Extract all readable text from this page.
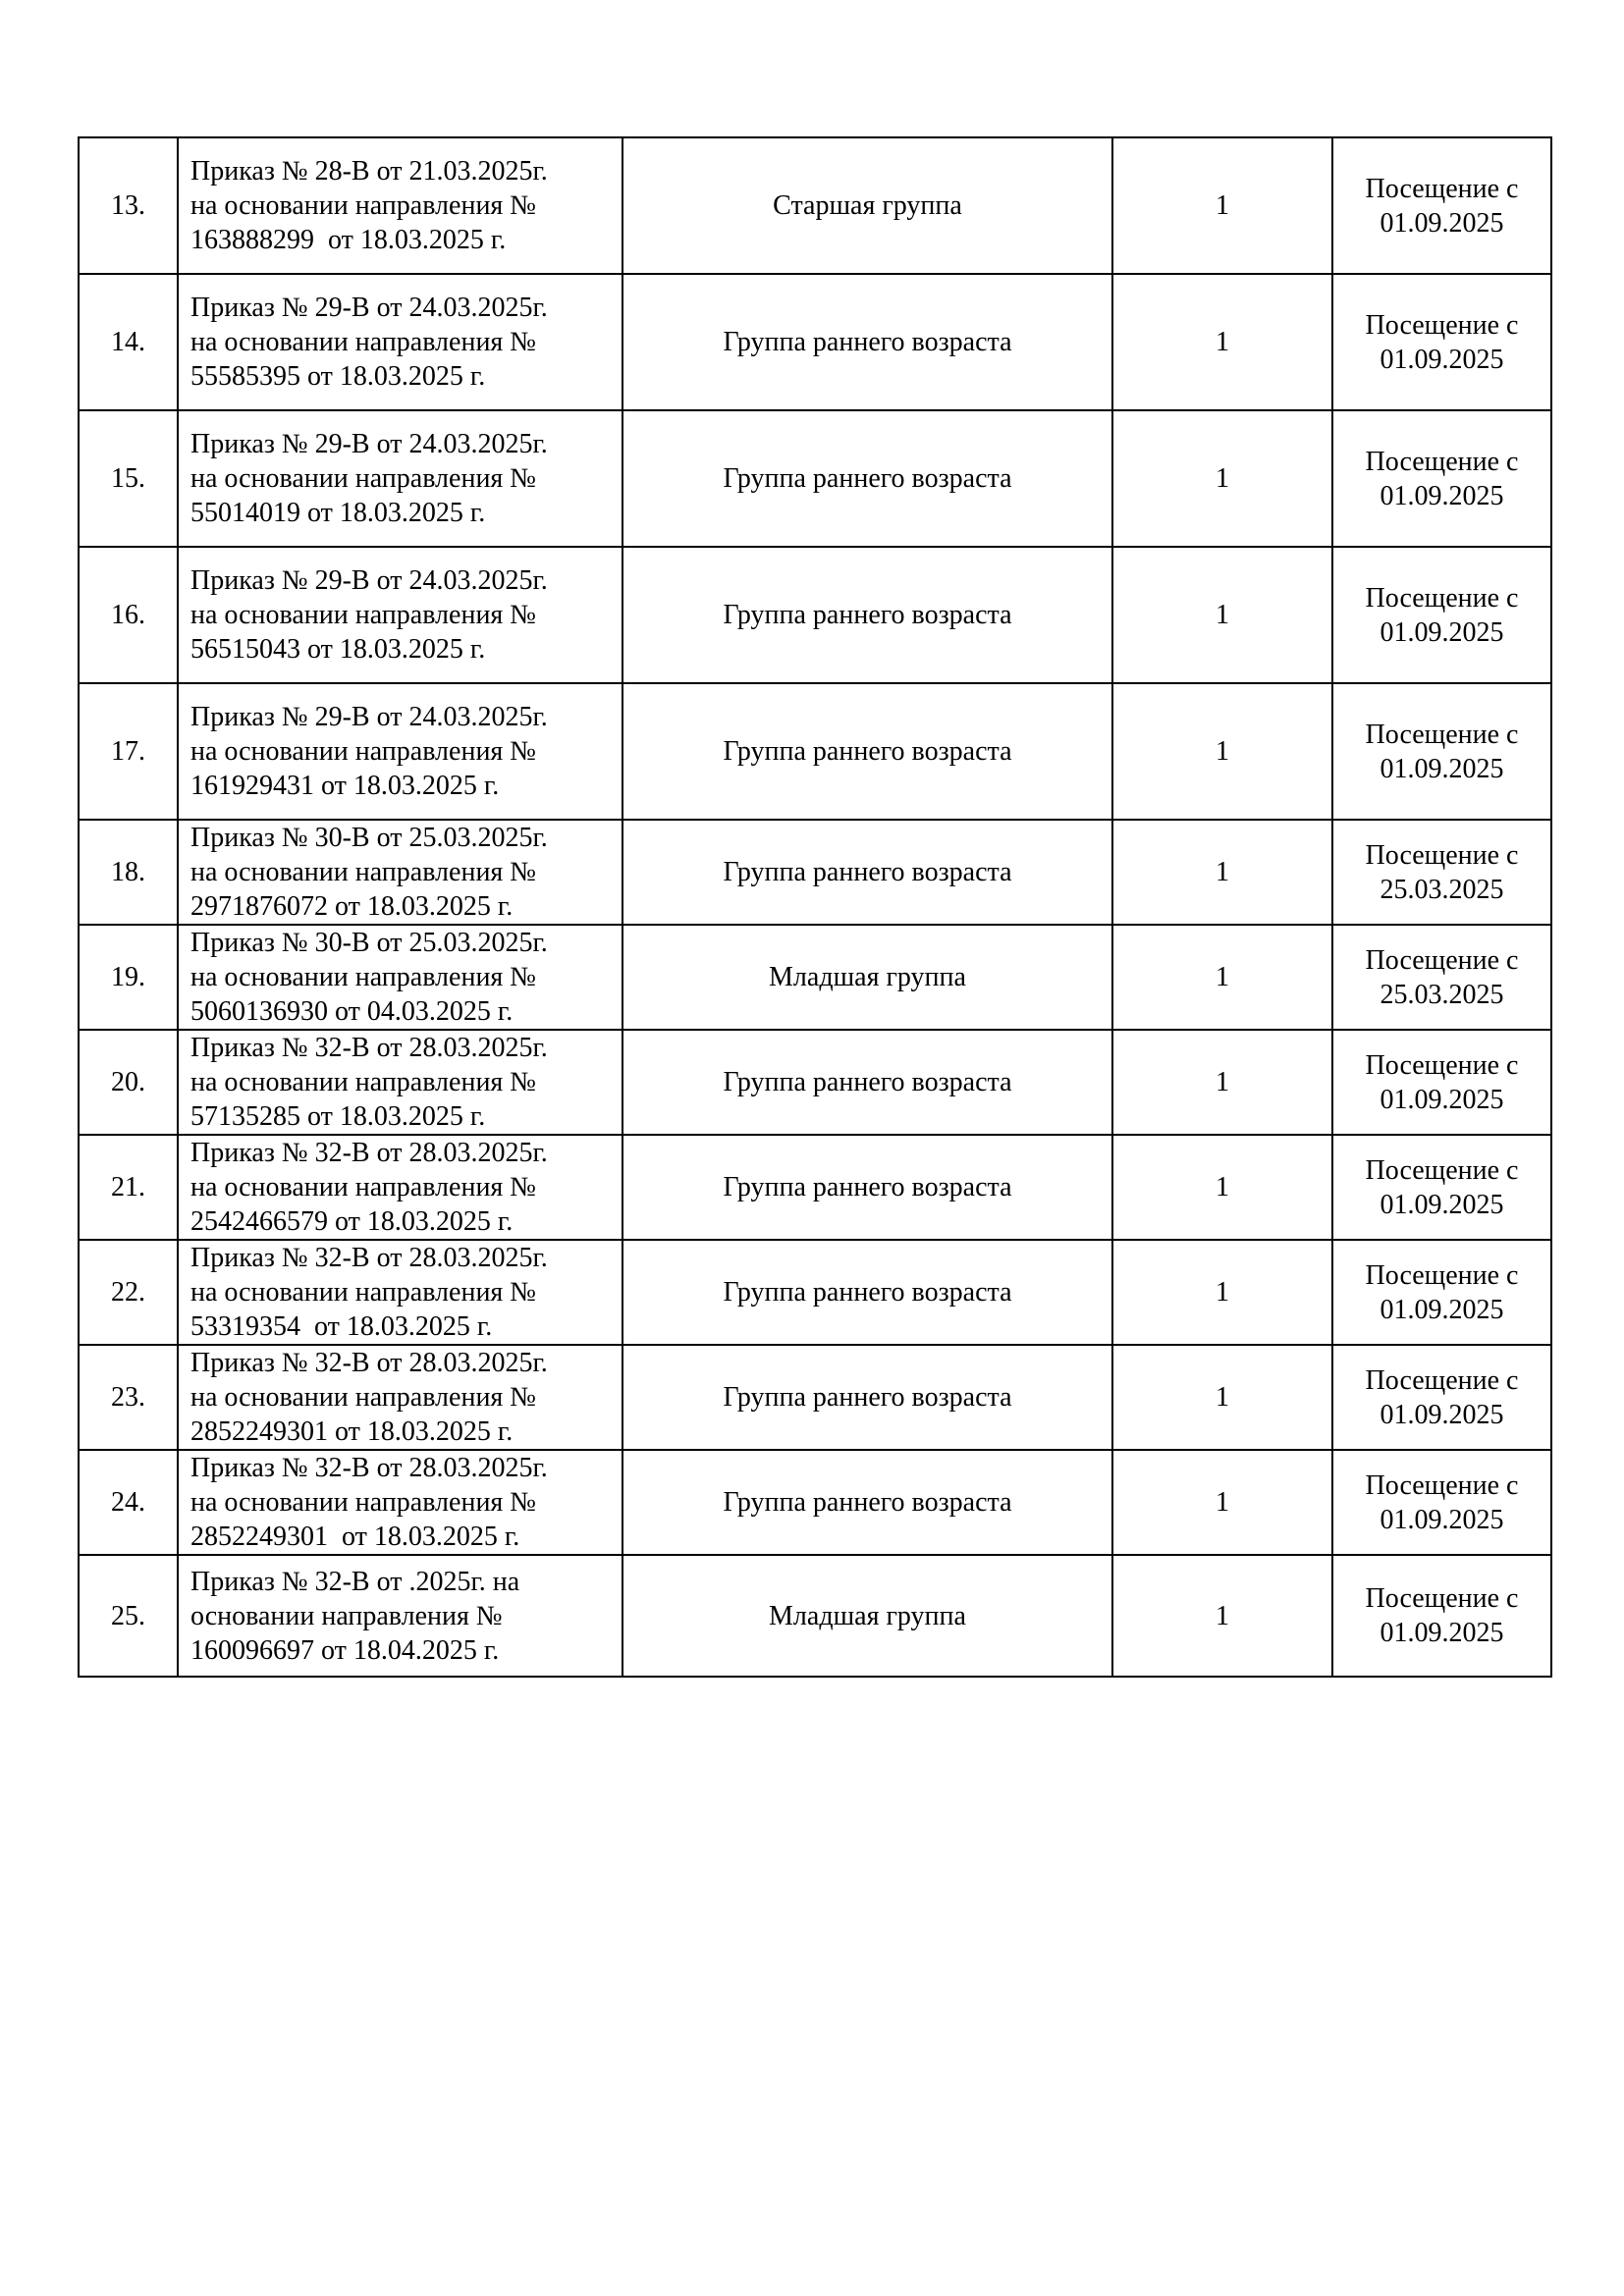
13.	Приказ № 28-В от 21.03.2025г.
на основании направления №
163888299  от 18.03.2025 г.	Старшая группа	1	Посещение с
01.09.2025

14.	Приказ № 29-В от 24.03.2025г.
на основании направления №
55585395 от 18.03.2025 г.	Группа раннего возраста	1	Посещение с
01.09.2025

15.	Приказ № 29-В от 24.03.2025г.
на основании направления №
55014019 от 18.03.2025 г.	Группа раннего возраста	1	Посещение с
01.09.2025

16.	Приказ № 29-В от 24.03.2025г.
на основании направления №
56515043 от 18.03.2025 г.	Группа раннего возраста	1	Посещение с
01.09.2025

17.	Приказ № 29-В от 24.03.2025г.
на основании направления №
161929431 от 18.03.2025 г.	Группа раннего возраста	1	Посещение с
01.09.2025

18.	Приказ № 30-В от 25.03.2025г.
на основании направления №
2971876072 от 18.03.2025 г.	Группа раннего возраста	1	Посещение с
25.03.2025

19.	Приказ № 30-В от 25.03.2025г.
на основании направления №
5060136930 от 04.03.2025 г.	Младшая группа	1	Посещение с
25.03.2025

20.	Приказ № 32-В от 28.03.2025г.
на основании направления №
57135285 от 18.03.2025 г.	Группа раннего возраста	1	Посещение с
01.09.2025

21.	Приказ № 32-В от 28.03.2025г.
на основании направления №
2542466579 от 18.03.2025 г.	Группа раннего возраста	1	Посещение с
01.09.2025

22.	Приказ № 32-В от 28.03.2025г.
на основании направления №
53319354  от 18.03.2025 г.	Группа раннего возраста	1	Посещение с
01.09.2025

23.	Приказ № 32-В от 28.03.2025г.
на основании направления №
2852249301 от 18.03.2025 г.	Группа раннего возраста	1	Посещение с
01.09.2025

24.	Приказ № 32-В от 28.03.2025г.
на основании направления №
2852249301  от 18.03.2025 г.	Группа раннего возраста	1	Посещение с
01.09.2025

25.	Приказ № 32-В от .2025г. на
основании направления №
160096697 от 18.04.2025 г.	Младшая группа	1	Посещение с
01.09.2025
